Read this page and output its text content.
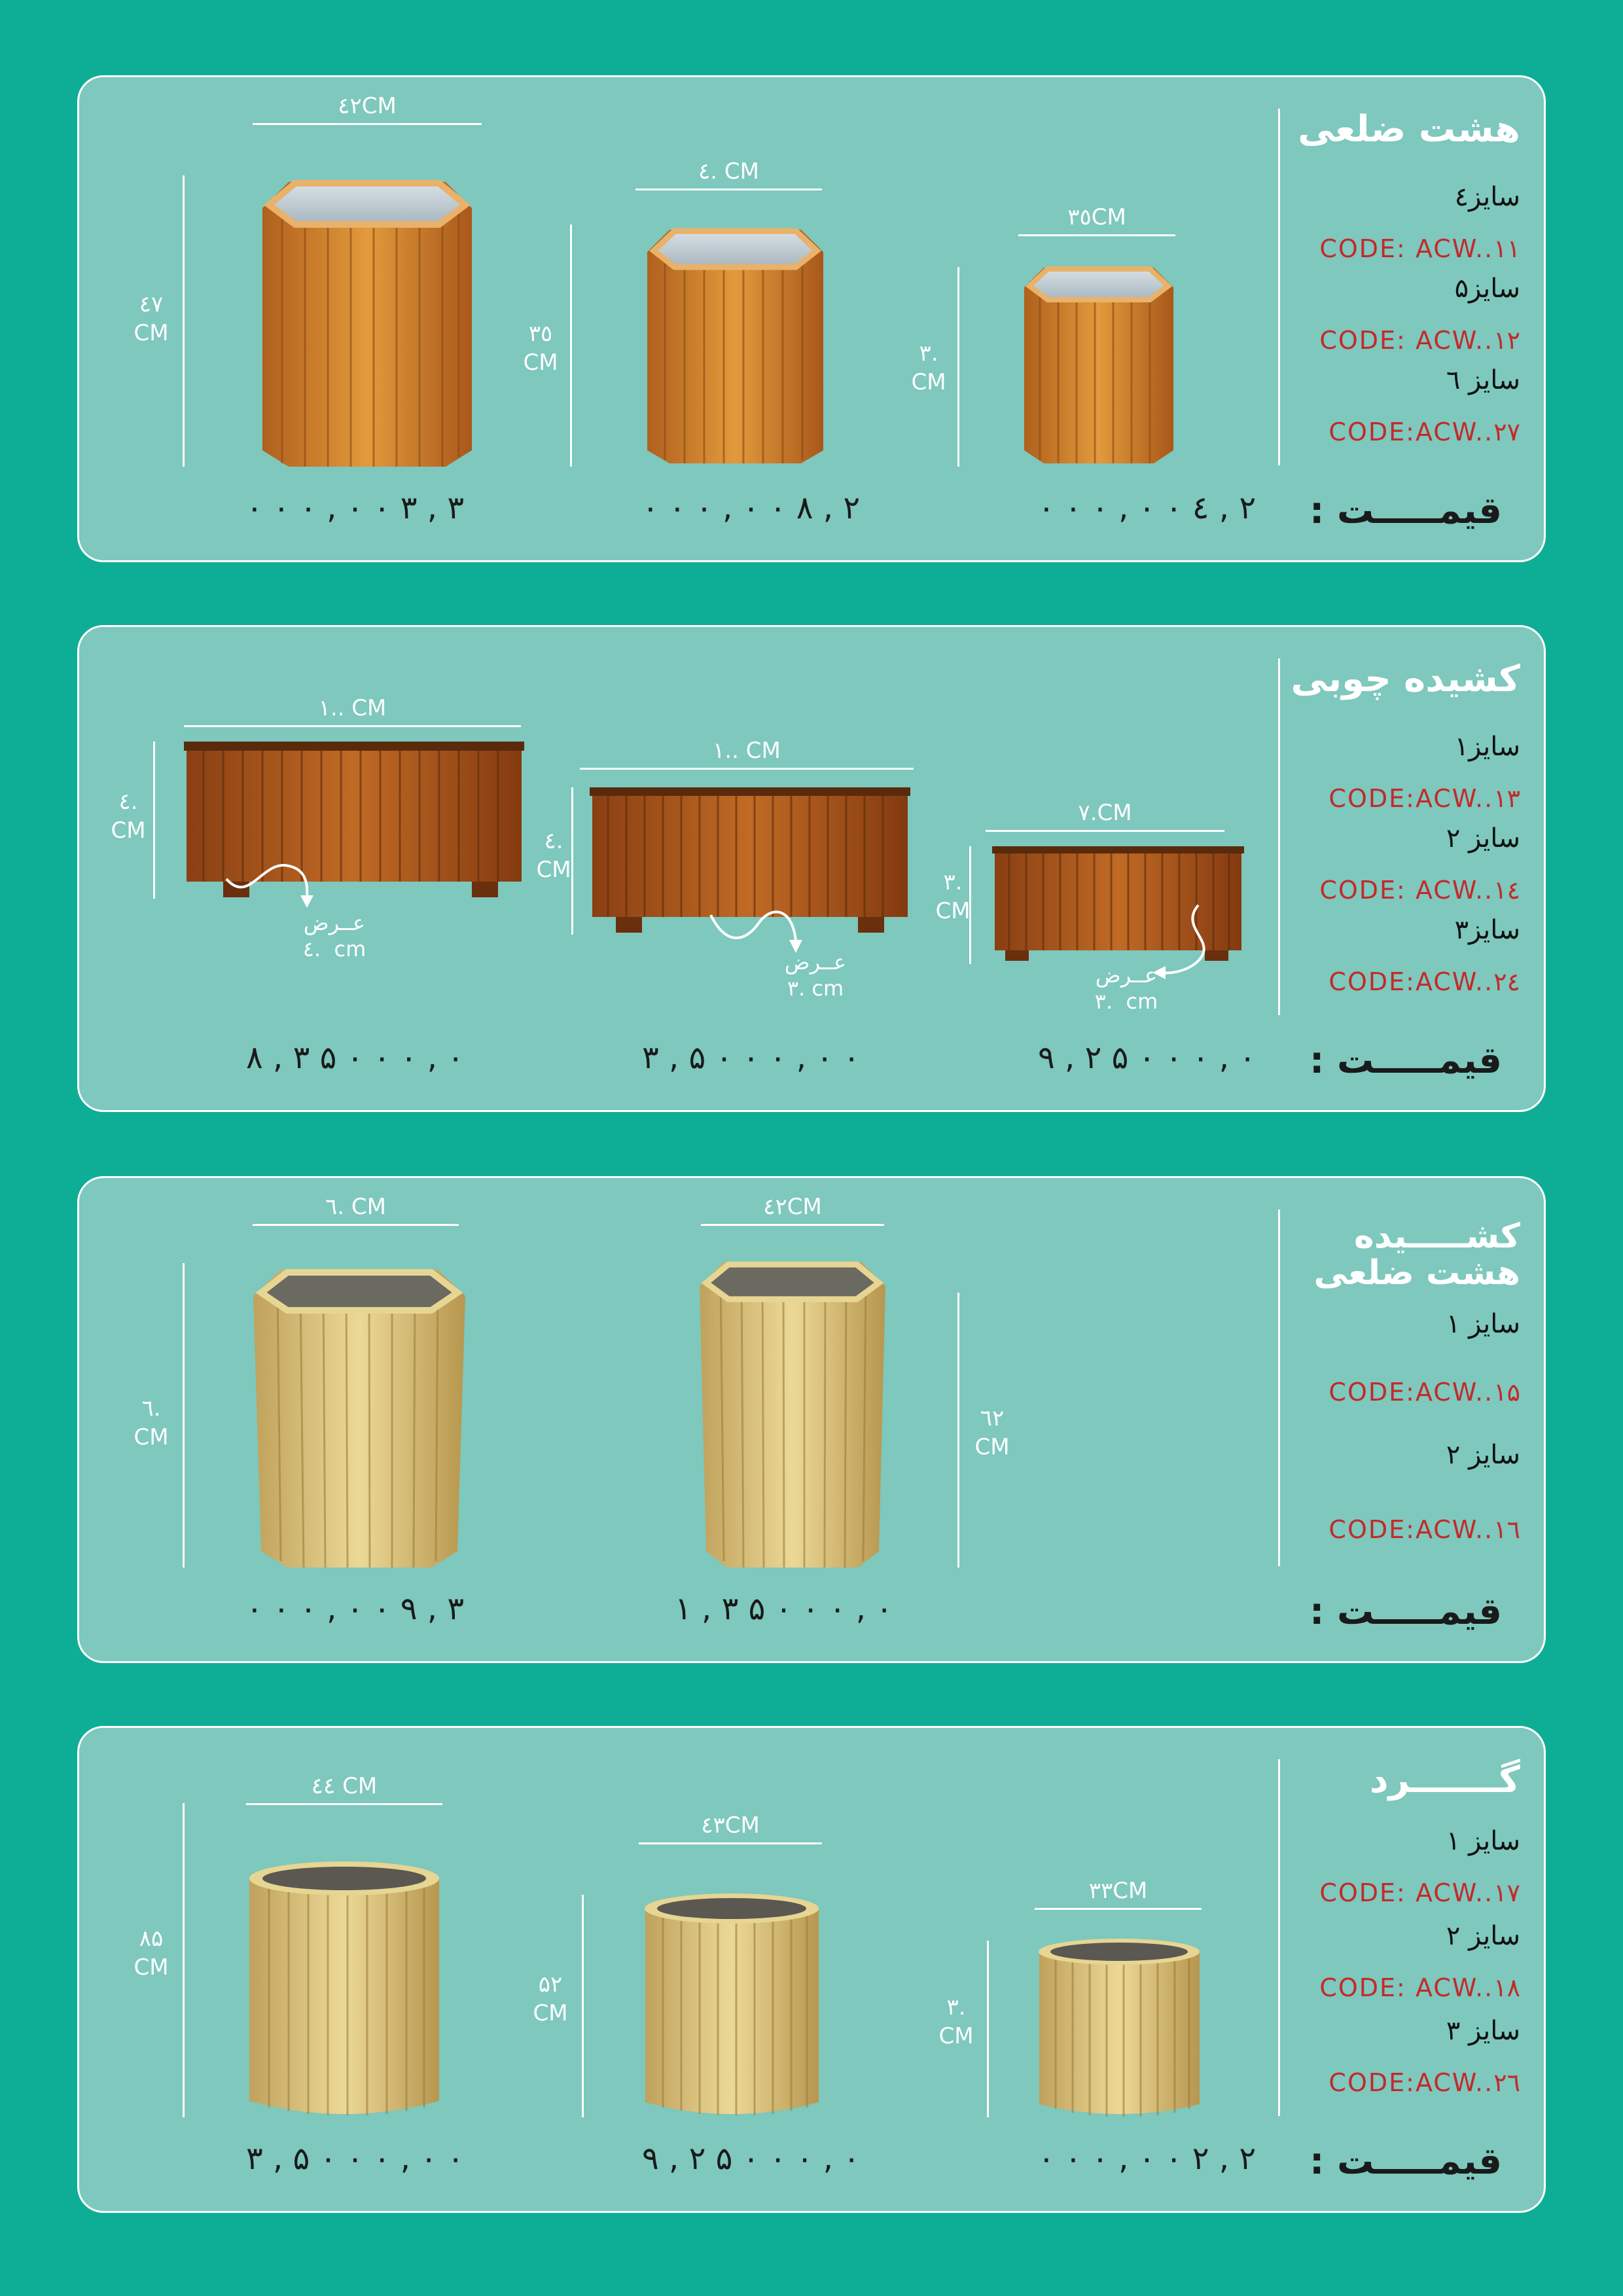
هشت ضلعی
سایز٤
CODE: ACW..١١
سایز۵
CODE: ACW..١٢
سایز ٦
CODE:ACW..٢٧
قیمـــــت :
٤٢CM
٤٧
CM
٣ , ٣ ٠ ٠ , ٠ ٠ ٠
٤. CM
٣٥
CM
٢ , ٨ ٠ ٠ , ٠ ٠ ٠
٣٥CM
٣.
CM
٢ , ٤ ٠ ٠ , ٠ ٠ ٠
کشیده چوبی
سایز١
CODE:ACW..١٣
سایز ٢
CODE: ACW..١٤
سایز٣
CODE:ACW..٢٤
قیمـــــت :
١.. CM
٤.
CM
عــرض
٤.  cm
٣ , ٨ ۵ ٠ , ٠ ٠ ٠
١.. CM
٤.
CM
عــرض
٣. cm
٣ , ۵ ٠ ٠ , ٠ ٠ ٠
٧.CM
٣.
CM
عــرض
٣.  cm
٢ , ٩ ۵ ٠ , ٠ ٠ ٠
کشـــــیده
هشت ضلعی
سایز ١
CODE:ACW..١۵
سایز ٢
CODE:ACW..١٦
قیمـــــت :
٦. CM
٦.
CM
٣ , ٩ ٠ ٠ , ٠ ٠ ٠
٤٢CM
٦٢
CM
٣ , ١ ۵ ٠ , ٠ ٠ ٠
گـــــــرد
سایز ١
CODE: ACW..١٧
سایز ٢
CODE: ACW..١٨
سایز ٣
CODE:ACW..٢٦
قیمـــــت :
٤٤ CM
٨۵
CM
٣ , ۵ ٠ ٠ , ٠ ٠ ٠
٤٣CM
۵٢
CM
٢ , ٩ ۵ ٠ , ٠ ٠ ٠
٣٣CM
٣.
CM
٢ , ٢ ٠ ٠ , ٠ ٠ ٠
